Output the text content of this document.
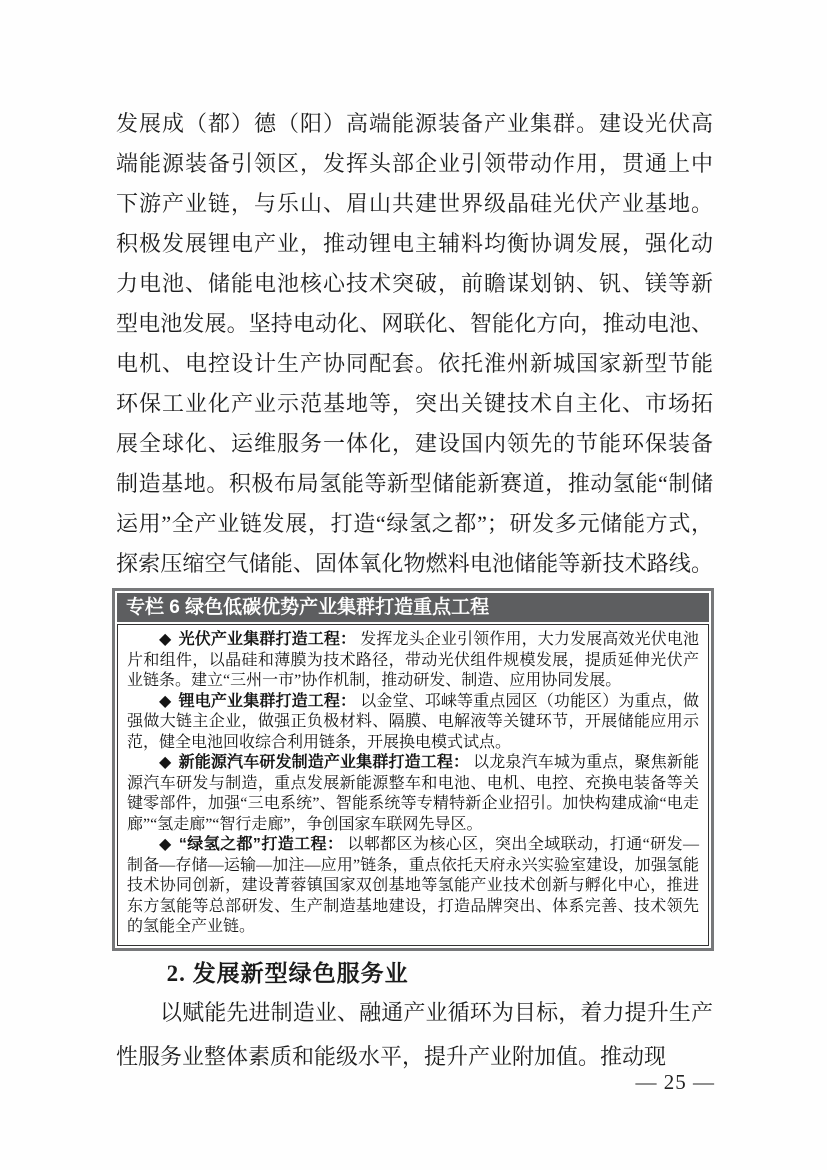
发展成（都）德（阳）高端能源装备产业集群。建设光伏高
端能源装备引领区，发挥头部企业引领带动作用，贯通上中
下游产业链，与乐山、眉山共建世界级晶硅光伏产业基地。
积极发展锂电产业，推动锂电主辅料均衡协调发展，强化动
力电池、储能电池核心技术突破，前瞻谋划钠、钒、镁等新
型电池发展。坚持电动化、网联化、智能化方向，推动电池、
电机、电控设计生产协同配套。依托淮州新城国家新型节能
环保工业化产业示范基地等，突出关键技术自主化、市场拓
展全球化、运维服务一体化，建设国内领先的节能环保装备
制造基地。积极布局氢能等新型储能新赛道，推动氢能“制储
运用”全产业链发展，打造“绿氢之都”；研发多元储能方式，
探索压缩空气储能、固体氧化物燃料电池储能等新技术路线。
专栏 6 绿色低碳优势产业集群打造重点工程

◆ 光伏产业集群打造工程： 发挥龙头企业引领作用，大力发展高效光伏电池片和组件，以晶硅和薄膜为技术路径，带动光伏组件规模发展，提质延伸光伏产业链条。建立“三州一市”协作机制，推动研发、制造、应用协同发展。

◆ 锂电产业集群打造工程： 以金堂、邛崃等重点园区（功能区）为重点，做强做大链主企业，做强正负极材料、隔膜、电解液等关键环节，开展储能应用示范，健全电池回收综合利用链条，开展换电模式试点。

◆ 新能源汽车研发制造产业集群打造工程： 以龙泉汽车城为重点，聚焦新能源汽车研发与制造，重点发展新能源整车和电池、电机、电控、充换电装备等关键零部件，加强“三电系统”、智能系统等专精特新企业招引。加快构建成渝“电走廊”“氢走廊”“智行走廊”，争创国家车联网先导区。

◆ “绿氢之都”打造工程： 以郫都区为核心区，突出全域联动，打通“研发—制备—存储—运输—加注—应用”链条，重点依托天府永兴实验室建设，加强氢能技术协同创新，建设菁蓉镇国家双创基地等氢能产业技术创新与孵化中心，推进东方氢能等总部研发、生产制造基地建设，打造品牌突出、体系完善、技术领先的氢能全产业链。

2. 发展新型绿色服务业

以赋能先进制造业、融通产业循环为目标，着力提升生产性服务业整体素质和能级水平，提升产业附加值。推动现

— 25 —
